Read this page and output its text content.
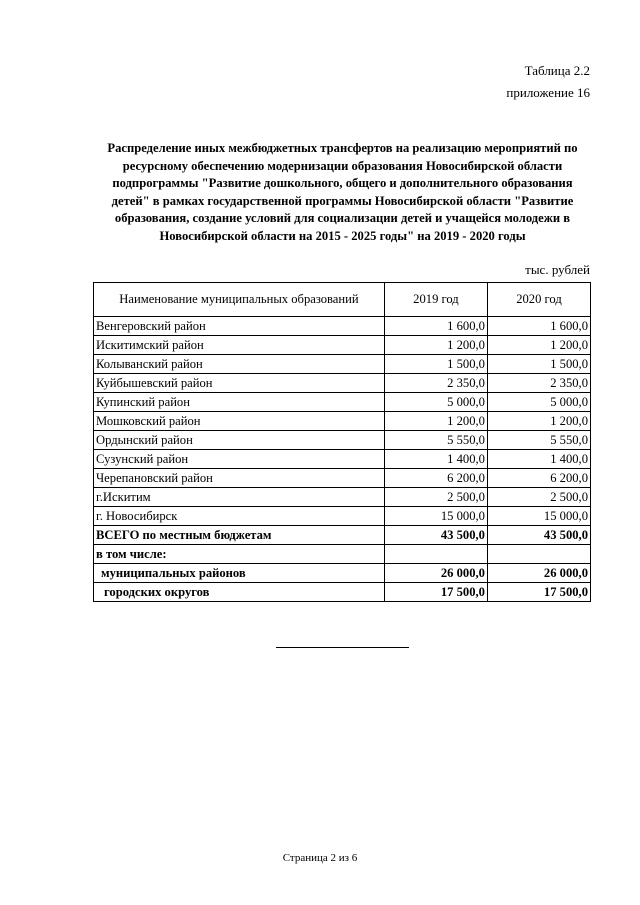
Таблица 2.2
приложение 16
Распределение иных межбюджетных трансфертов на реализацию мероприятий по
ресурсному обеспечению модернизации образования Новосибирской области
подпрограммы "Развитие дошкольного, общего и дополнительного образования
детей" в рамках государственной программы Новосибирской области "Развитие
образования, создание условий для социализации детей и учащейся молодежи в
Новосибирской области на 2015 - 2025 годы" на 2019 - 2020 годы
тыс. рублей
Наименование муниципальных образований	2019 год	2020 год
Венгеровский район	1 600,0	1 600,0
Искитимский район	1 200,0	1 200,0
Колыванский район	1 500,0	1 500,0
Куйбышевский район	2 350,0	2 350,0
Купинский район	5 000,0	5 000,0
Мошковский район	1 200,0	1 200,0
Ордынский район	5 550,0	5 550,0
Сузунский район	1 400,0	1 400,0
Черепановский район	6 200,0	6 200,0
г.Искитим	2 500,0	2 500,0
г. Новосибирск	15 000,0	15 000,0
ВСЕГО по местным бюджетам	43 500,0	43 500,0
в том числе:		
муниципальных районов	26 000,0	26 000,0
городских округов	17 500,0	17 500,0
Страница 2 из 6
